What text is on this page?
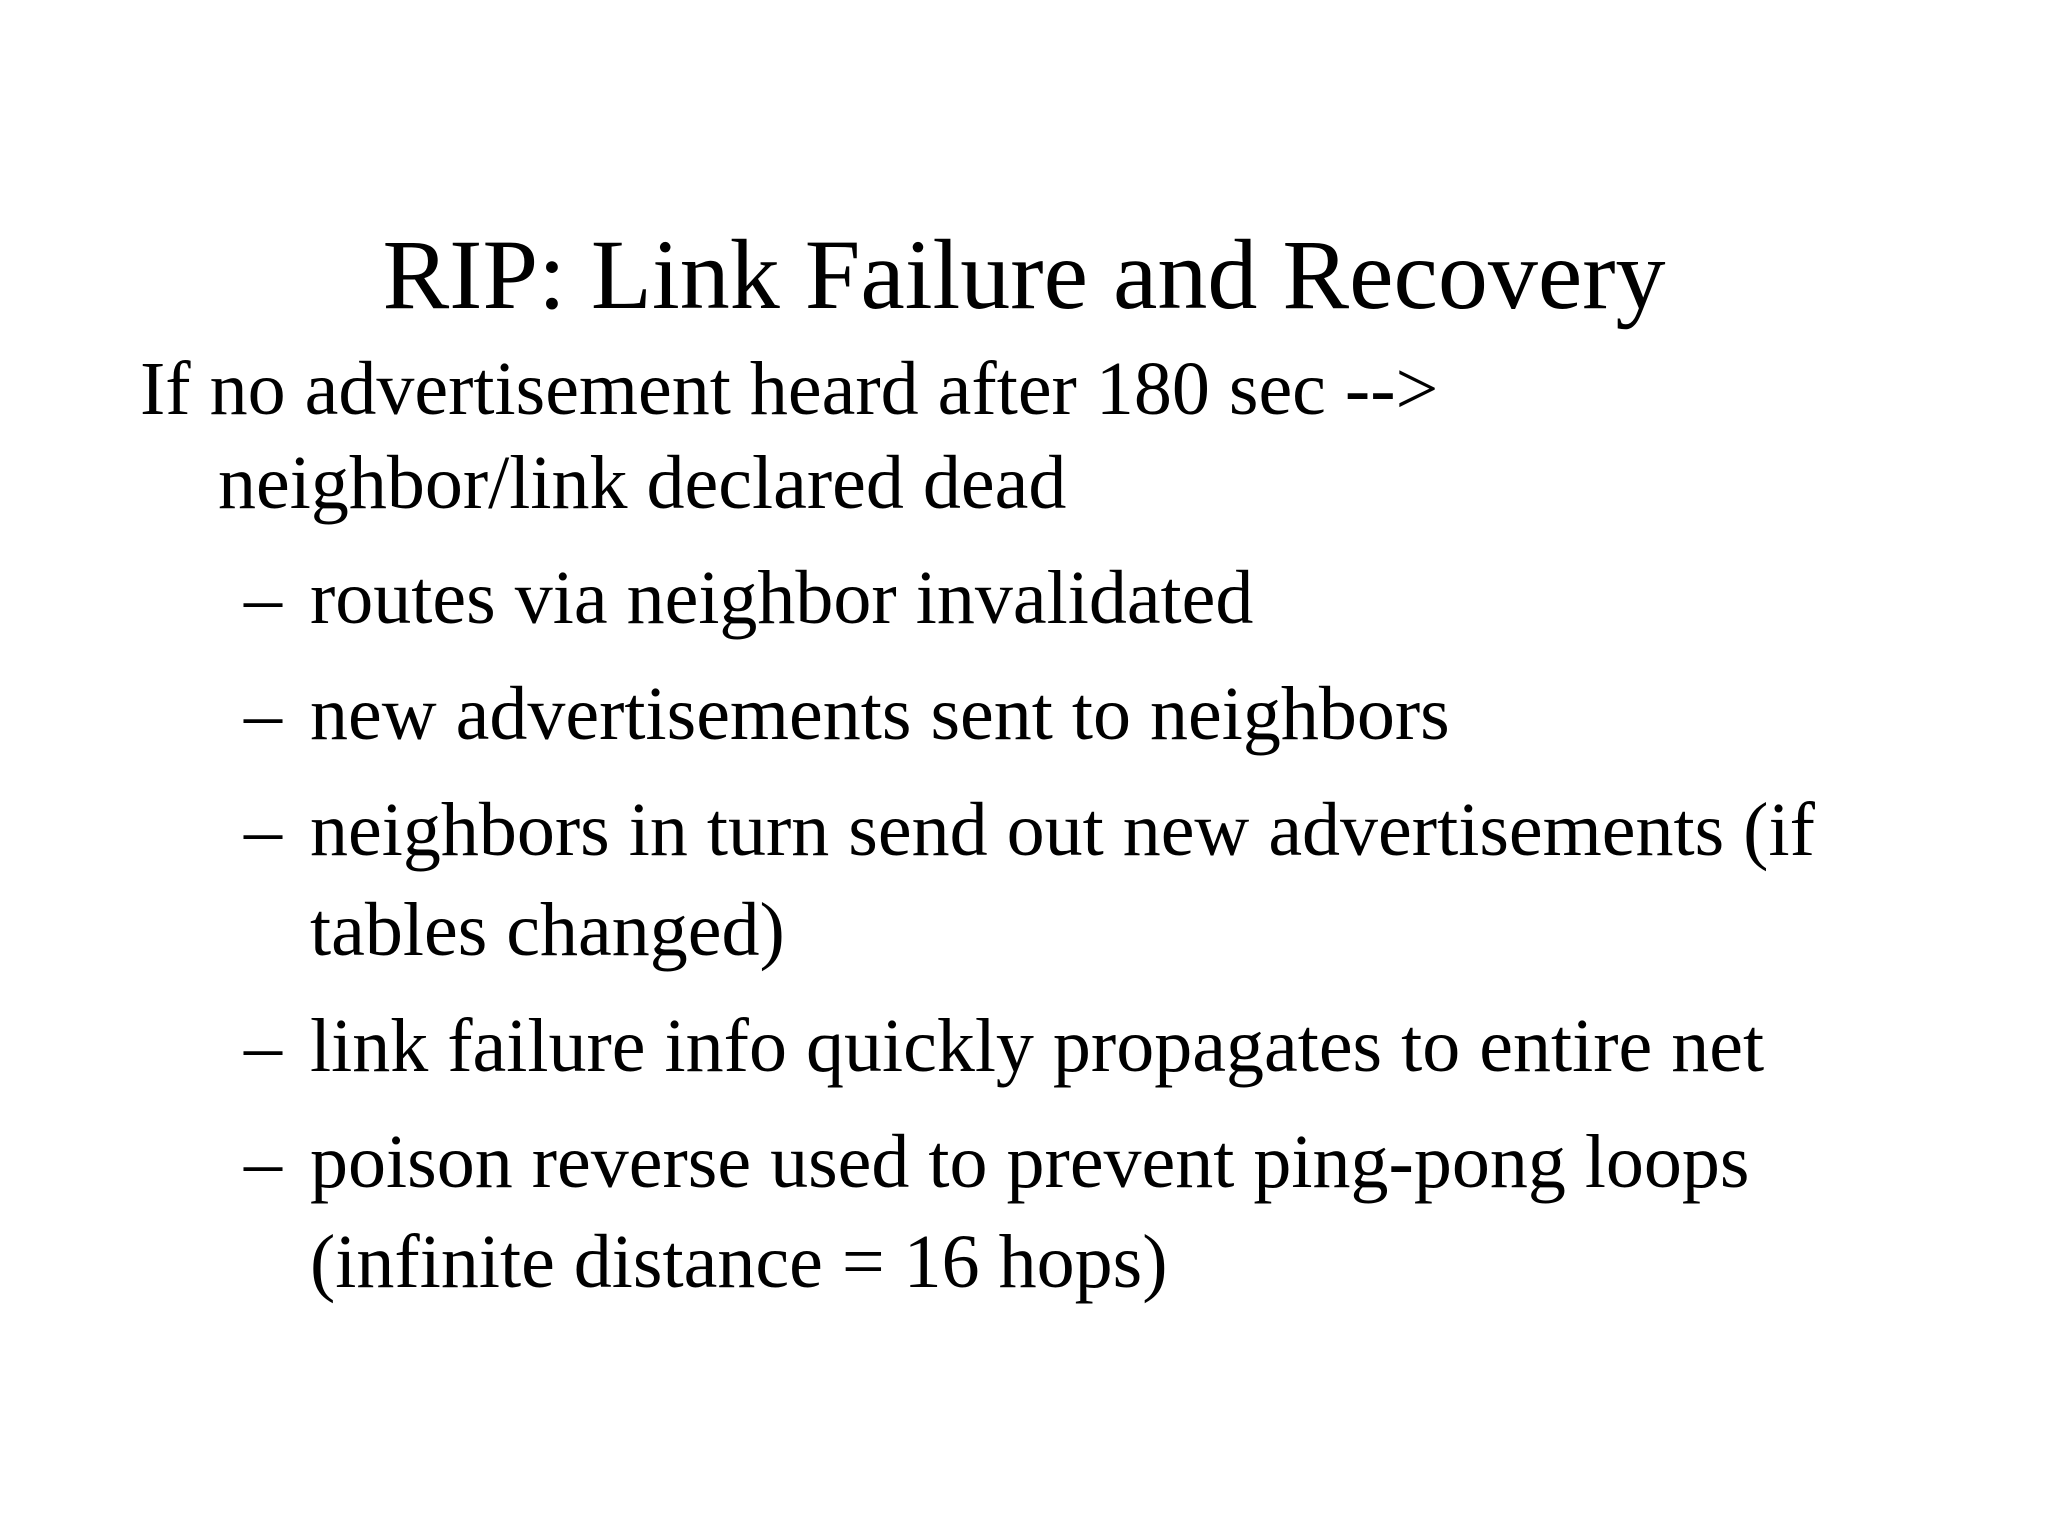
RIP: Link Failure and Recovery

If no advertisement heard after 180 sec --> neighbor/link declared dead

– routes via neighbor invalidated
– new advertisements sent to neighbors
– neighbors in turn send out new advertisements (if tables changed)
– link failure info quickly propagates to entire net
– poison reverse used to prevent ping-pong loops (infinite distance = 16 hops)
